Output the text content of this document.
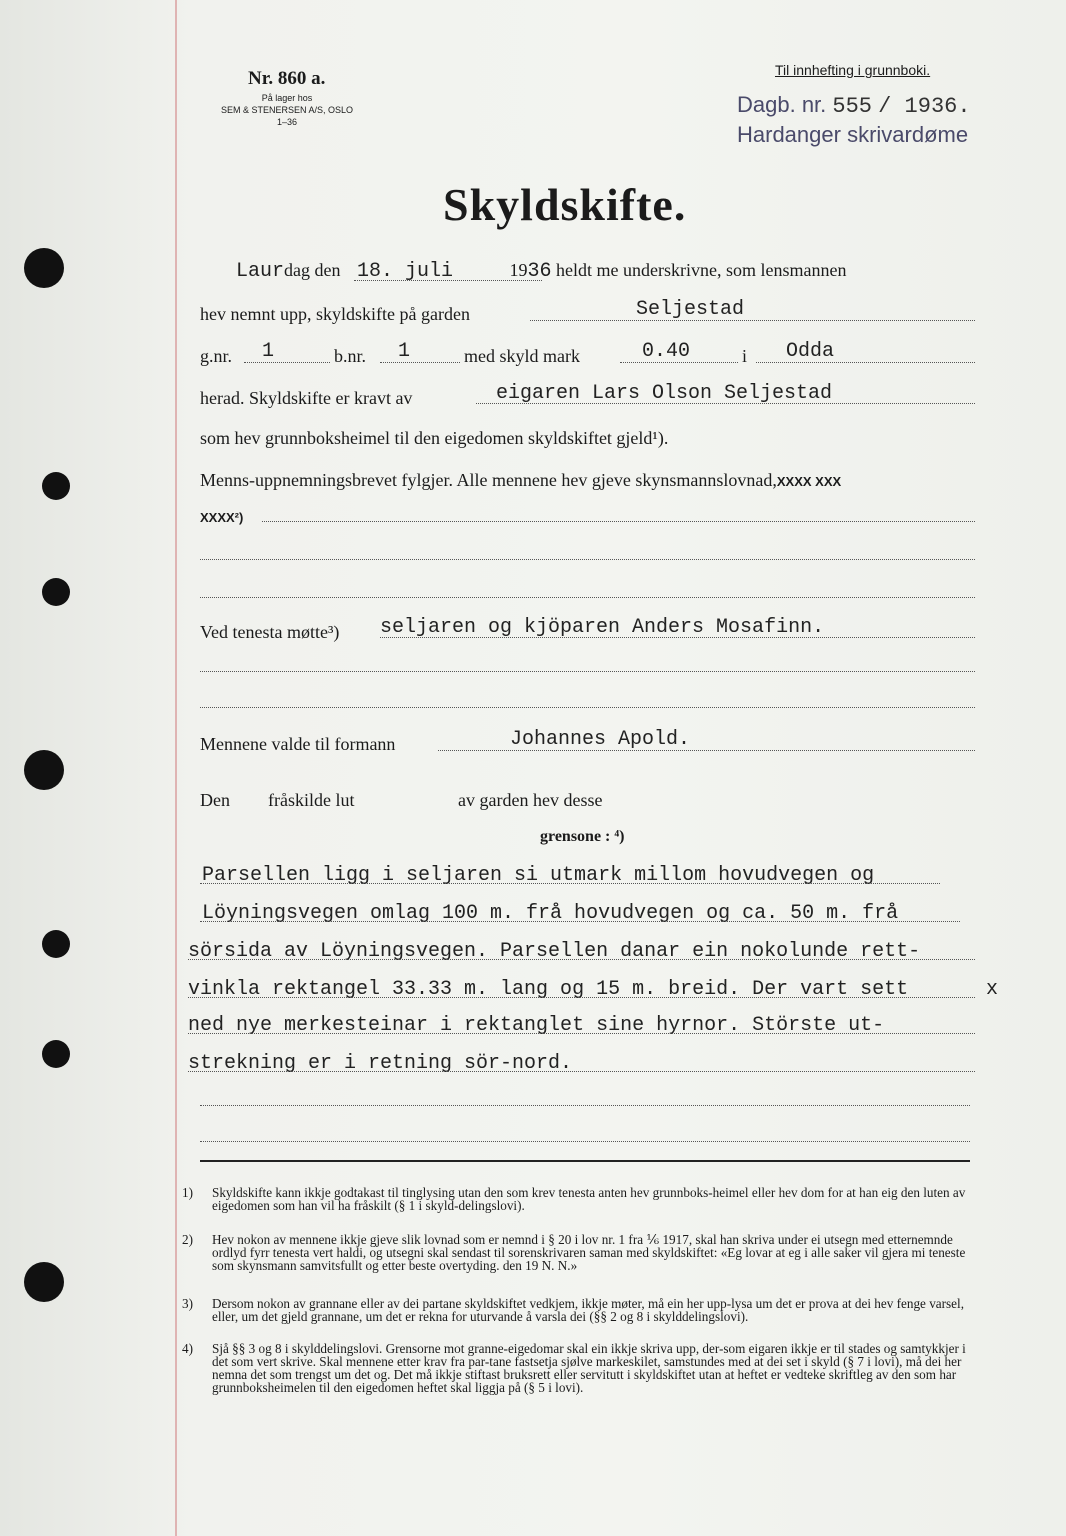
Nr. 860 a.
På lager hos
SEM & STENERSEN A/S, OSLO
1–36
Til innhefting i grunnboki.
Dagb. nr. 555 / 1936.
Hardanger skrivardøme
Skyldskifte.
Laurdag den 18. juli	1936 heldt me underskrivne, som lensmannen
hev nemnt upp, skyldskifte på garden	Seljestad
g.nr. 1	b.nr. 1	med skyld mark	0.40	i Odda
herad. Skyldskifte er kravt av	eigaren Lars Olson Seljestad
som hev grunnboksheimel til den eigedomen skyldskiftet gjeld¹).
Menns-uppnemningsbrevet fylgjer. Alle mennene hev gjeve skynsmannslovnad,XXXX XXX
XXXX²)
Ved tenesta møtte³) seljaren og kjöparen Anders Mosafinn.
Mennene valde til formann	Johannes Apold.
Den fråskilde lut	av garden hev desse
grensone : ⁴)
Parsellen ligg i seljaren si utmark millom hovudvegen og
Löyningsvegen omlag 100 m. frå hovudvegen og ca. 50 m. frå
sörsida av Löyningsvegen. Parsellen danar ein nokolunde rett-
vinkla rektangel 33.33 m. lang og 15 m. breid. Der vart sett	x
ned nye merkesteinar i rektanglet sine hyrnor. Störste ut-
strekning er i retning sör-nord.
1) Skyldskifte kann ikkje godtakast til tinglysing utan den som krev tenesta anten hev grunnboks-heimel eller hev dom for at han eig den luten av eigedomen som han vil ha fråskilt (§ 1 i skyld-delingslovi).
2) Hev nokon av mennene ikkje gjeve slik lovnad som er nemnd i § 20 i lov nr. 1 fra ⅙ 1917, skal han skriva under ei utsegn med etternemnde ordlyd fyrr tenesta vert haldi, og utsegni skal sendast til sorenskrivaren saman med skyldskiftet: «Eg lovar at eg i alle saker vil gjera mi teneste som skynsmann samvitsfullt og etter beste overtyding. den 19 N. N.»
3) Dersom nokon av grannane eller av dei partane skyldskiftet vedkjem, ikkje møter, må ein her upp-lysa um det er prova at dei hev fenge varsel, eller, um det gjeld grannane, um det er rekna for uturvande å varsla dei (§§ 2 og 8 i skylddelingslovi).
4) Sjå §§ 3 og 8 i skylddelingslovi. Grensorne mot granne-eigedomar skal ein ikkje skriva upp, der-som eigaren ikkje er til stades og samtykkjer i det som vert skrive. Skal mennene etter krav fra par-tane fastsetja sjølve markeskilet, samstundes med at dei set i skyld (§ 7 i lovi), må dei her nemna det som trengst um det og. Det må ikkje stiftast bruksrett eller servitutt i skyldskiftet utan at heftet er vedteke skriftleg av den som har grunnboksheimelen til den eigedomen heftet skal liggja på (§ 5 i lovi).
